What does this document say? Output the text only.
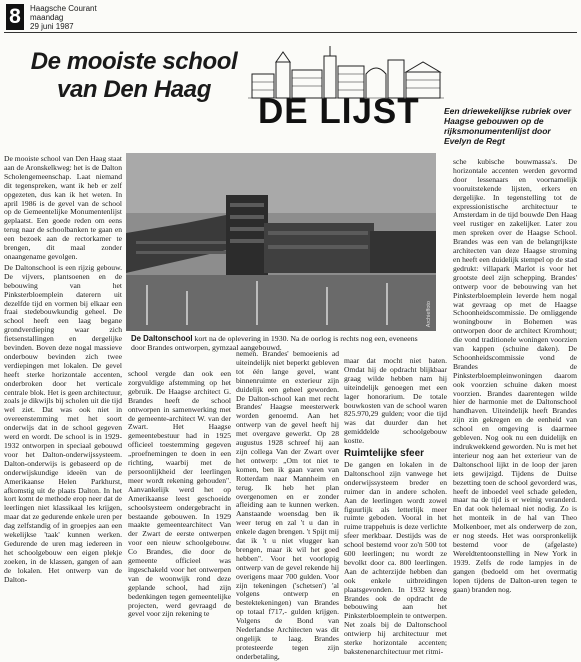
8	Haagsche Courant
maandag
29 juni 1987
De mooiste school
van Den Haag
DE LIJST	Een driewekelijkse rubriek over Haagse gebouwen op de rijksmonumentenlijst door Evelyn de Regt
Archieffoto
De Daltonschool kort na de oplevering in 1930. Na de oorlog is rechts nog een, eveneens door Brandes ontworpen, gymzaal aangebouwd.

De mooiste school van Den Haag staat aan de Aronskelkweg: het is de Dalton Scholengemeenschap. Laat niemand dit tegenspreken, want ik heb er zelf opgezeten, dus kan ik het weten. In april 1986 is de gevel van de school op de Gemeentelijke Monumentenlijst geplaatst. Een goede reden om eens terug naar de schoolbanken te gaan en een bezoek aan de rectorkamer te brengen, dit maal zonder onaangename gevolgen.

De Daltonschool is een rijzig gebouw. De vijvers, plantsoenen en de bebouwing van het Pinksterbloemplein daterern uit dezelfde tijd en vormen bij elkaar een fraai stedebouwkundig geheel. De school heeft een laag begane grondverdieping waar zich fietsenstallingen en dergelijke bevinden. Boven deze nogal massieve onderbouw bevinden zich twee verdiepingen met lokalen. De gevel heeft sterke horizontale accenten, onderbroken door het verticale centrale blok. Het is geen architectuur, zoals je dikwijls bij scholen uit die tijd wel ziet. Dat was ook niet in overeenstemming met het soort onderwijs dat in de school gegeven werd en wordt. De school is in 1929-1932 ontworpen in speciaal gebouwd voor het Dalton-onderwijssysteem. Dalton-onderwijs is gebaseerd op de onderwijskundige ideeën van de Amerikaanse Helen Parkhurst, afkomstig uit de plaats Dalton. In het kort komt de methode erop neer dat de leerlingen niet klassikaal les krijgen, maar dat ze gedurende enkele uren per dag zelfstandig of in groepjes aan een wekelijkse 'taak' kunnen werken. Gedurende de uren mag iedereen in het schoolgebouw een eigen plekje zoeken, in de klassen, gangen of aan de lokalen. Het ontwerp van de Dalton-

school vergde dan ook een zorgvuldige afstemming op het gebruik. De Haagse architect G. Brandes heeft de school ontworpen in samenwerking met de gemeente-architect W. van der Zwart. Het Haagse gemeentebestuur had in 1925 officieel toestemming gegeven „proefnemingen te doen in een richting, waarbij met de persoonlijkheid der leerlingen meer wordt rekening gehouden". Aanvankelijk werd het op Amerikaanse leest geschoeide schoolsysteem ondergebracht in bestaande gebouwen. In 1929 maakte gemeentearchitect Van der Zwart de eerste ontwerpen voor een nieuw schoolgebouw. Co Brandes, die door de gemeente officieel was ingeschakeld voor het ontwerpen van de woonwijk rond deze geplande school, had zijn bedenkingen tegen gemeentelijke projecten, werd gevraagd de gevel voor zijn rekening te

nemen. Brandes' bemoeienis ad uiteindelijk niet beperkt gebleven tot één lange gevel, want binnenruimte en exterieur zijn duidelijk een geheel geworden. De Dalton-school kan met recht Brandes' Haagse meesterwerk worden genoemd. Aan het ontwerp van de gevel heeft hij met overgave gewerkt. Op 28 augustus 1928 schreef hij aan zijn collega Van der Zwart over het ontwerp: „Om tot niet te komen, ben ik gaan varen van Rotterdam naar Mannheim en terug. Ik heb het plan overgenomen en er zonder afleiding aan te kunnen werken. Aanstaande woensdag ben ik weer terug en zal 't u dan in enkele dagen brengen. 't Spijt mij dat ik 't u niet vlugger kan brengen, maar ik wil het goed hebben". Voor het voorlopig ontwerp van de gevel rekende hij overigens maar 700 gulden. Voor zijn tekeningen ('schetsen') 'al volgens ontwerp en bestektekeningen) van Brandes op totaal f717,- gulden krijgen. Volgens de Bond van Nederlandse Architecten was dit ongelijk te laag. Brandes protesteerde tegen zijn onderbetaling,

maar dat mocht niet baten. Omdat hij de opdracht blijkbaar graag wilde hebben nam hij uiteindelijk genoegen met een lager honorarium. De totale bouwkosten van de school waren 825.970,29 gulden; voor die tijd was dat duurder dan het gemiddelde schoolgebouw kostte.

Ruimtelijke sfeer

De gangen en lokalen in de Daltonschool zijn vanwege het onderwijssysteem breder en ruimer dan in andere scholen. Aan de leerlingen wordt zowel figuurlijk als letterlijk meer ruimte geboden. Vooral in het ruime trappehuis is deze verlichte sfeer merkbaar. Destijds was de school bestemd voor zo'n 500 tot 600 leerlingen; nu wordt ze bevolkt door ca. 800 leerlingen. Aan de achterzijde hebben dan ook enkele uitbreidingen plaatsgevonden. In 1932 kreeg Brandes ook de opdracht de bebouwing aan het Pinksterbloemplein te ontwerpen. Net zoals bij de Daltonschool ontwierp hij architectuur met sterke horizontale accenten; bakstenenarchitectuur met ritmi-

sche kubische bouwmassa's. De horizontale accenten werden gevormd door lessenaars en voornamelijk vooruitstekende lijsten, erkers en dergelijke. In tegenstelling tot de expressionistische architectuur te Amsterdam in de tijd bouwde Den Haag veel rustiger en zakelijker. Later zou men spreken over de Haagse School. Brandes was een van de belangrijkste architecten van deze Haagse stroming en heeft een duidelijk stempel op de stad gedrukt: villapark Marlot is voor het grootste deel zijn schepping. Brandes' ontwerp voor de bebouwing van het Pinksterbloemplein leverde hem nogal wat gevraag op met de Haagse Schoonheidscommissie. De omliggende woningbouw in Bohemen was ontworpen door de architect Kromhout; die vond traditionele woningen voorzien van kappen (schuine daken). De Schoonheidscommissie vond de Brandes de Pinksterbloempleinwoningen daarom ook voorzien schuine daken moest voorzien. Brandes daarentegen wilde hier de harmonie met de Daltonschool handhaven. Uiteindelijk heeft Brandes zijn zin gekregen en de eenheid van school en omgeving is daarmee gebleven. Nog ook nu een duidelijk en indrukwekkend geworden. Nu is met het interieur nog aan het exterieur van de Daltonschool lijkt in de loop der jaren iets gewijzigd. Tijdens de Duitse bezetting toen de school gevorderd was, heeft de inboedel veel schade geleden, maar na de tijd is er weinig veranderd. En dat ook helemaal niet nodig. Zo is het monteik in de hal van Theo Molkenboer, met als onderwerp de zon, er nog steeds. Het was oorspronkelijk bestemd voor de (afgelaste) Wereldtentoonstelling in New York in 1939. Zelfs de rode lampjes in de gangen (bedoeld om het overmatig lopen tijdens de Dalton-uren tegen te gaan) branden nog.
